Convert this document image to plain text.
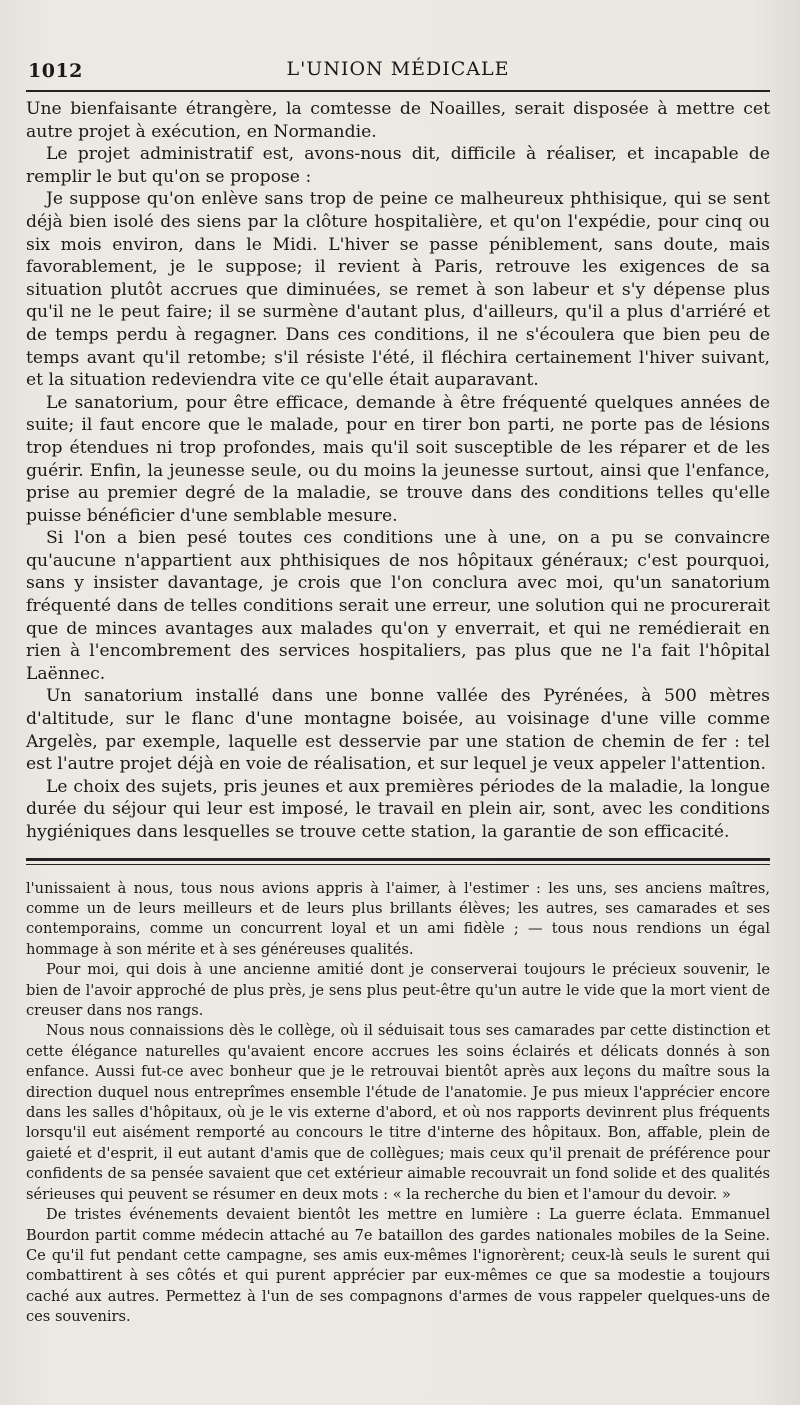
1012	L'UNION MÉDICALE

Une bienfaisante étrangère, la comtesse de Noailles, serait disposée à mettre cet autre projet à exécution, en Normandie.

Le projet administratif est, avons-nous dit, difficile à réaliser, et incapable de remplir le but qu'on se propose :

Je suppose qu'on enlève sans trop de peine ce malheureux phthisique, qui se sent déjà bien isolé des siens par la clôture hospitalière, et qu'on l'expédie, pour cinq ou six mois environ, dans le Midi. L'hiver se passe péniblement, sans doute, mais favorablement, je le suppose; il revient à Paris, retrouve les exigences de sa situation plutôt accrues que diminuées, se remet à son labeur et s'y dépense plus qu'il ne le peut faire; il se surmène d'autant plus, d'ailleurs, qu'il a plus d'arriéré et de temps perdu à regagner. Dans ces conditions, il ne s'écoulera que bien peu de temps avant qu'il retombe; s'il résiste l'été, il fléchira certainement l'hiver suivant, et la situation redeviendra vite ce qu'elle était auparavant.

Le sanatorium, pour être efficace, demande à être fréquenté quelques années de suite; il faut encore que le malade, pour en tirer bon parti, ne porte pas de lésions trop étendues ni trop profondes, mais qu'il soit susceptible de les réparer et de les guérir. Enfin, la jeunesse seule, ou du moins la jeunesse surtout, ainsi que l'enfance, prise au premier degré de la maladie, se trouve dans des conditions telles qu'elle puisse bénéficier d'une semblable mesure.

Si l'on a bien pesé toutes ces conditions une à une, on a pu se convaincre qu'aucune n'appartient aux phthisiques de nos hôpitaux généraux; c'est pourquoi, sans y insister davantage, je crois que l'on conclura avec moi, qu'un sanatorium fréquenté dans de telles conditions serait une erreur, une solution qui ne procurerait que de minces avantages aux malades qu'on y enverrait, et qui ne remédierait en rien à l'encombrement des services hospitaliers, pas plus que ne l'a fait l'hôpital Laënnec.

Un sanatorium installé dans une bonne vallée des Pyrénées, à 500 mètres d'altitude, sur le flanc d'une montagne boisée, au voisinage d'une ville comme Argelès, par exemple, laquelle est desservie par une station de chemin de fer : tel est l'autre projet déjà en voie de réalisation, et sur lequel je veux appeler l'attention.

Le choix des sujets, pris jeunes et aux premières périodes de la maladie, la longue durée du séjour qui leur est imposé, le travail en plein air, sont, avec les conditions hygiéniques dans lesquelles se trouve cette station, la garantie de son efficacité.

l'unissaient à nous, tous nous avions appris à l'aimer, à l'estimer : les uns, ses anciens maîtres, comme un de leurs meilleurs et de leurs plus brillants élèves; les autres, ses camarades et ses contemporains, comme un concurrent loyal et un ami fidèle ; — tous nous rendions un égal hommage à son mérite et à ses généreuses qualités.

Pour moi, qui dois à une ancienne amitié dont je conserverai toujours le précieux souvenir, le bien de l'avoir approché de plus près, je sens plus peut-être qu'un autre le vide que la mort vient de creuser dans nos rangs.

Nous nous connaissions dès le collège, où il séduisait tous ses camarades par cette distinction et cette élégance naturelles qu'avaient encore accrues les soins éclairés et délicats donnés à son enfance. Aussi fut-ce avec bonheur que je le retrouvai bientôt après aux leçons du maître sous la direction duquel nous entreprîmes ensemble l'étude de l'anatomie. Je pus mieux l'apprécier encore dans les salles d'hôpitaux, où je le vis externe d'abord, et où nos rapports devinrent plus fréquents lorsqu'il eut aisément remporté au concours le titre d'interne des hôpitaux. Bon, affable, plein de gaieté et d'esprit, il eut autant d'amis que de collègues; mais ceux qu'il prenait de préférence pour confidents de sa pensée savaient que cet extérieur aimable recouvrait un fond solide et des qualités sérieuses qui peuvent se résumer en deux mots : « la recherche du bien et l'amour du devoir. »

De tristes événements devaient bientôt les mettre en lumière : La guerre éclata. Emmanuel Bourdon partit comme médecin attaché au 7e bataillon des gardes nationales mobiles de la Seine. Ce qu'il fut pendant cette campagne, ses amis eux-mêmes l'ignorèrent; ceux-là seuls le surent qui combattirent à ses côtés et qui purent apprécier par eux-mêmes ce que sa modestie a toujours caché aux autres. Permettez à l'un de ses compagnons d'armes de vous rappeler quelques-uns de ces souvenirs.
